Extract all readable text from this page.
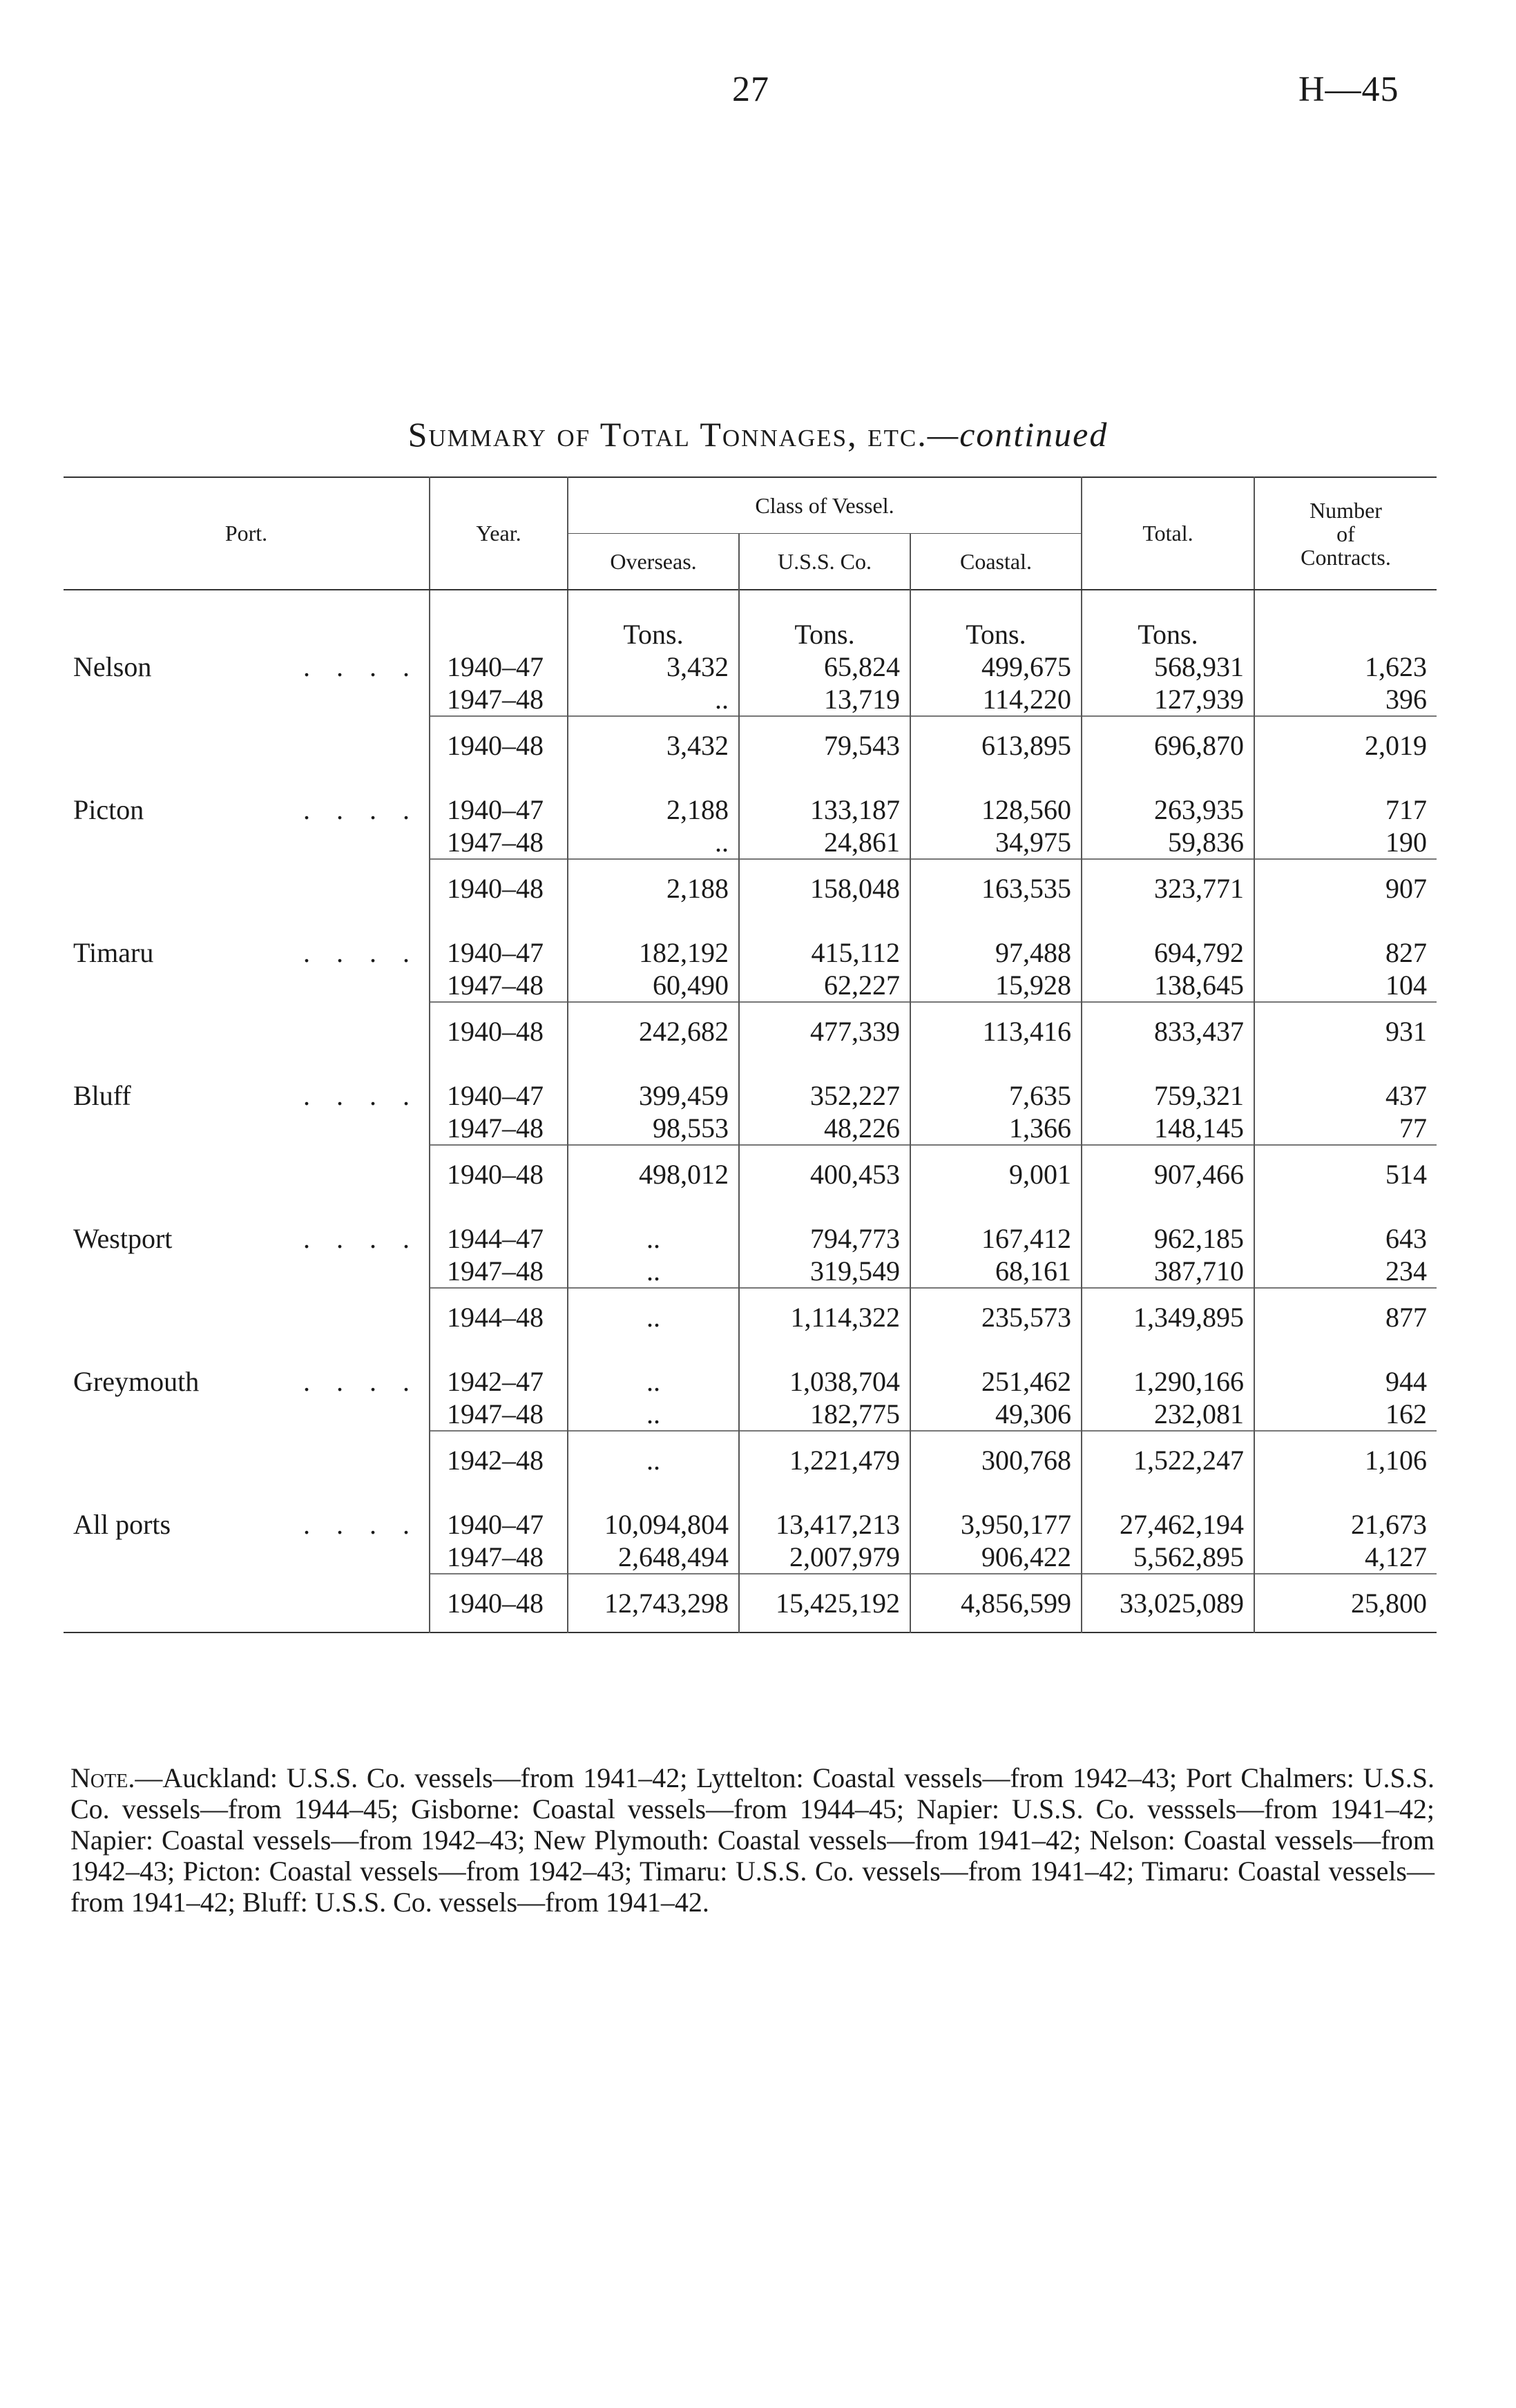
27	H—45
Summary of Total Tonnages, etc.—continued
Port.	Year.	Class of Vessel.			Total.	Number
of
Contracts.
		Overseas.	U.S.S. Co.	Coastal.		
		Tons.	Tons.	Tons.	Tons.	
Nelson . . . .	1940–47	3,432	65,824	499,675	568,931	1,623
	1947–48	..	13,719	114,220	127,939	396
	1940–48	3,432	79,543	613,895	696,870	2,019

Picton . . . .	1940–47	2,188	133,187	128,560	263,935	717
	1947–48	..	24,861	34,975	59,836	190
	1940–48	2,188	158,048	163,535	323,771	907

Timaru . . . .	1940–47	182,192	415,112	97,488	694,792	827
	1947–48	60,490	62,227	15,928	138,645	104
	1940–48	242,682	477,339	113,416	833,437	931

Bluff . . . .	1940–47	399,459	352,227	7,635	759,321	437
	1947–48	98,553	48,226	1,366	148,145	77
	1940–48	498,012	400,453	9,001	907,466	514

Westport . . . .	1944–47	..	794,773	167,412	962,185	643
	1947–48	..	319,549	68,161	387,710	234
	1944–48	..	1,114,322	235,573	1,349,895	877

Greymouth . . . .	1942–47	..	1,038,704	251,462	1,290,166	944
	1947–48	..	182,775	49,306	232,081	162
	1942–48	..	1,221,479	300,768	1,522,247	1,106

All ports . . . .	1940–47	10,094,804	13,417,213	3,950,177	27,462,194	21,673
	1947–48	2,648,494	2,007,979	906,422	5,562,895	4,127
	1940–48	12,743,298	15,425,192	4,856,599	33,025,089	25,800
Note.—Auckland: U.S.S. Co. vessels—from 1941–42; Lyttelton: Coastal vessels—from 1942–43; Port Chalmers: U.S.S. Co. vessels—from 1944–45; Gisborne: Coastal vessels—from 1944–45; Napier: U.S.S. Co. vesssels—from 1941–42; Napier: Coastal vessels—from 1942–43; New Plymouth: Coastal vessels—from 1941–42; Nelson: Coastal vessels—from 1942–43; Picton: Coastal vessels—from 1942–43; Timaru: U.S.S. Co. vessels—from 1941–42; Timaru: Coastal vessels—from 1941–42; Bluff: U.S.S. Co. vessels—from 1941–42.
